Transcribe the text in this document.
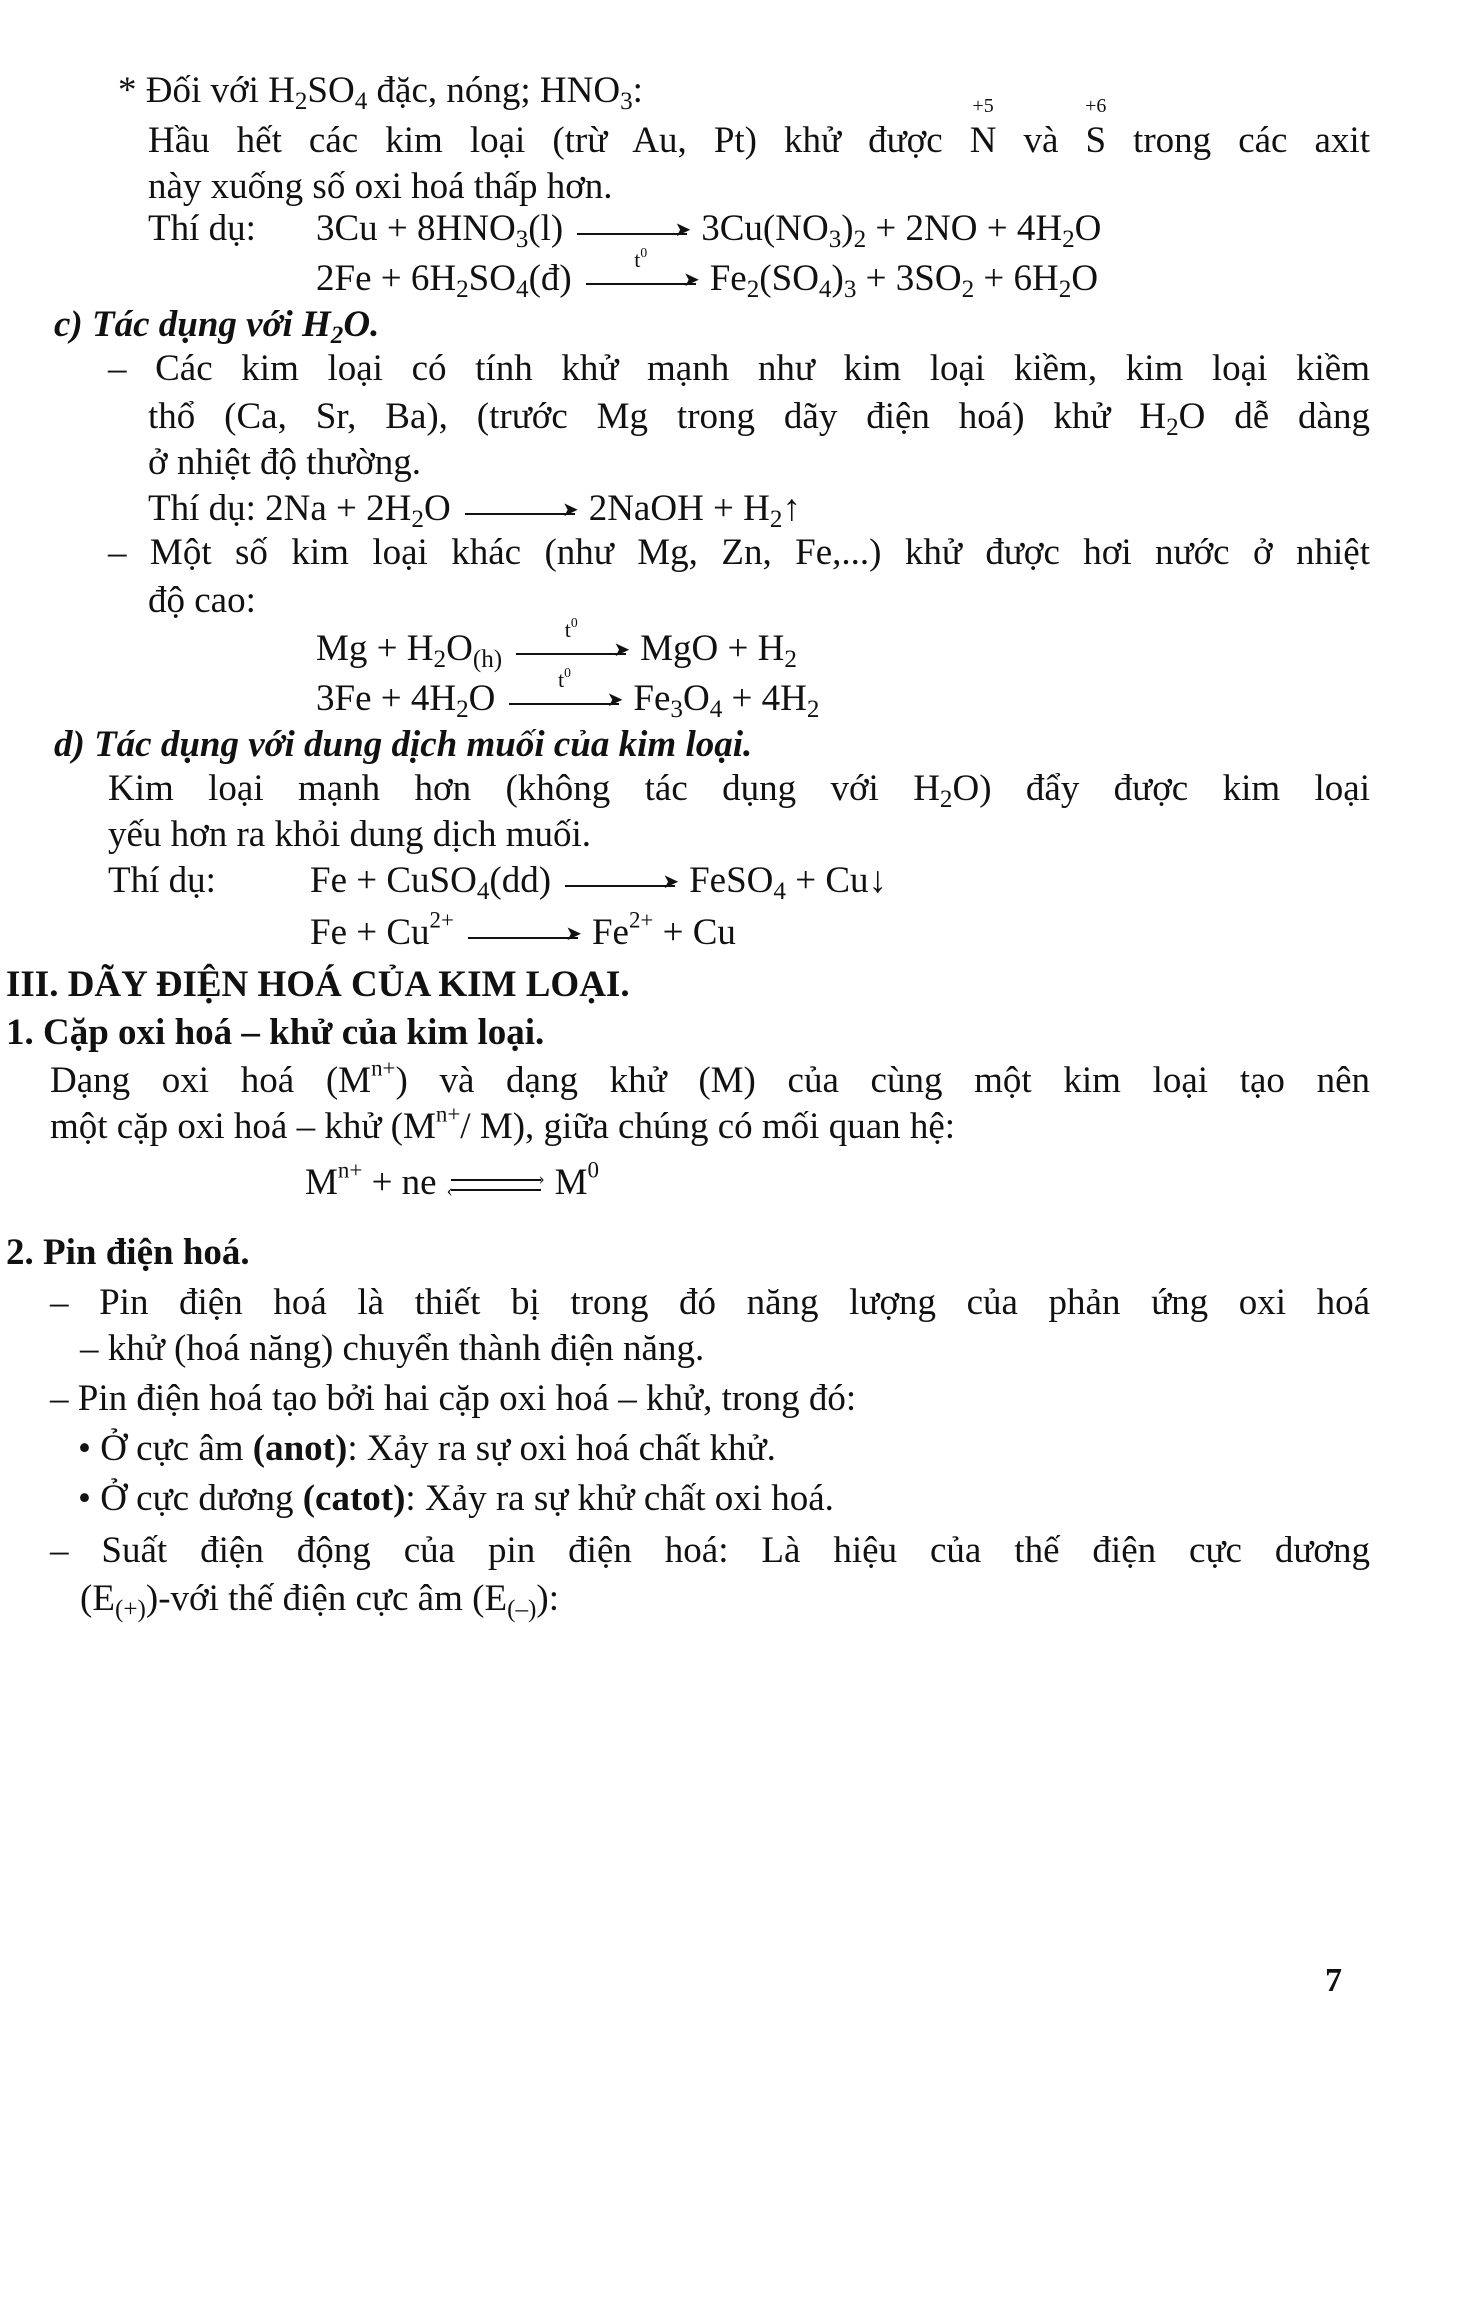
* Đối với $H_2SO_4$ đặc, nóng; $HNO_3$:
Hầu hết các kim loại (trừ Au, Pt) khử được
+5
N và
+6
S trong các axit
này xuống số oxi hoá thấp hơn.
Thí dụ: $3Cu + 8HNO_3(l)$	➤ $3Cu(NO_3)_2 + 2NO + 4H_2O$
$2Fe + 6H_2SO_4(đ)$	$t^0$
➤ $Fe_2(SO_4)_3 + 3SO_2 + 6H_2O$
c) Tác dụng với $H_2O$.
– Các kim loại có tính khử mạnh như kim loại kiềm, kim loại kiềm
thổ (Ca, Sr, Ba), (trước Mg trong dãy điện hoá) khử $H_2O$ dễ dàng
ở nhiệt độ thường.
Thí dụ: $2Na + 2H_2O$	➤ 2NaOH + $H_2↑$
– Một số kim loại khác (như Mg, Zn, Fe,...) khử được hơi nước ở nhiệt
độ cao:
$Mg + H_2O_{(h)}$
$t^0$
➤ MgO + $H_2$
$3Fe + 4H_2O$	$t^0$
➤ $Fe_3O_4 + 4H_2$
d) Tác dụng với dung dịch muối của kim loại.
Kim loại mạnh hơn (không tác dụng với $H_2O$) đẩy được kim loại
yếu hơn ra khỏi dung dịch muối.
Thí dụ:	Fe + CuSO$_4$(dd)	➤ FeSO$_4$ + Cu↓
$Fe + Cu^{2+}$
➤ $Fe^{2+} + Cu$
III. DÃY ĐIỆN HOÁ CỦA KIM LOẠI.
1. Cặp oxi hoá – khử của kim loại.
Dạng oxi hoá $(M^{n+})$ và dạng khử (M) của cùng một kim loại tạo nên
một cặp oxi hoá – khử ($M^{n+}/$ M), giữa chúng có mối quan hệ:
$M^{n+}$ + ne	›
‹	$M^0$
2. Pin điện hoá.
– Pin điện hoá là thiết bị trong đó năng lượng của phản ứng oxi hoá
– khử (hoá năng) chuyển thành điện năng.
– Pin điện hoá tạo bởi hai cặp oxi hoá – khử, trong đó:
• Ở cực âm (anot): Xảy ra sự oxi hoá chất khử.
• Ở cực dương (catot): Xảy ra sự khử chất oxi hoá.
– Suất điện động của pin điện hoá: Là hiệu của thế điện cực dương
$(E_{(+)})$-với thế điện cực âm $(E_{(-)})$:
7
